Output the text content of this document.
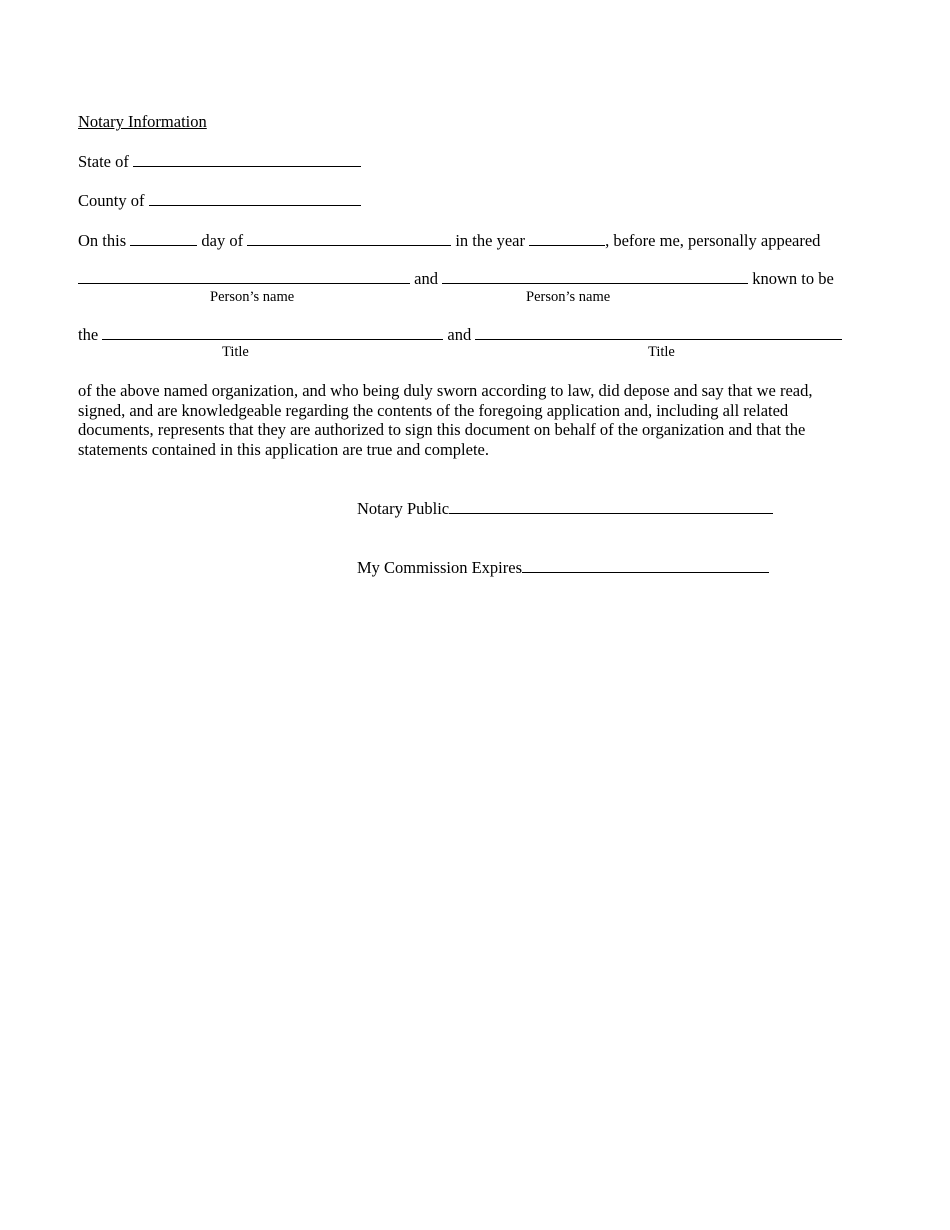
Notary Information
State of
County of
On this	day of	in the year	, before me, personally appeared
and	known to be
Person’s name	Person’s name
the	and
Title	Title
of the above named organization, and who being duly sworn according to law, did depose and say that we read, signed, and are knowledgeable regarding the contents of the foregoing application and, including all related documents, represents that they are authorized to sign this document on behalf of the organization and that the statements contained in this application are true and complete.
Notary Public
My Commission Expires
